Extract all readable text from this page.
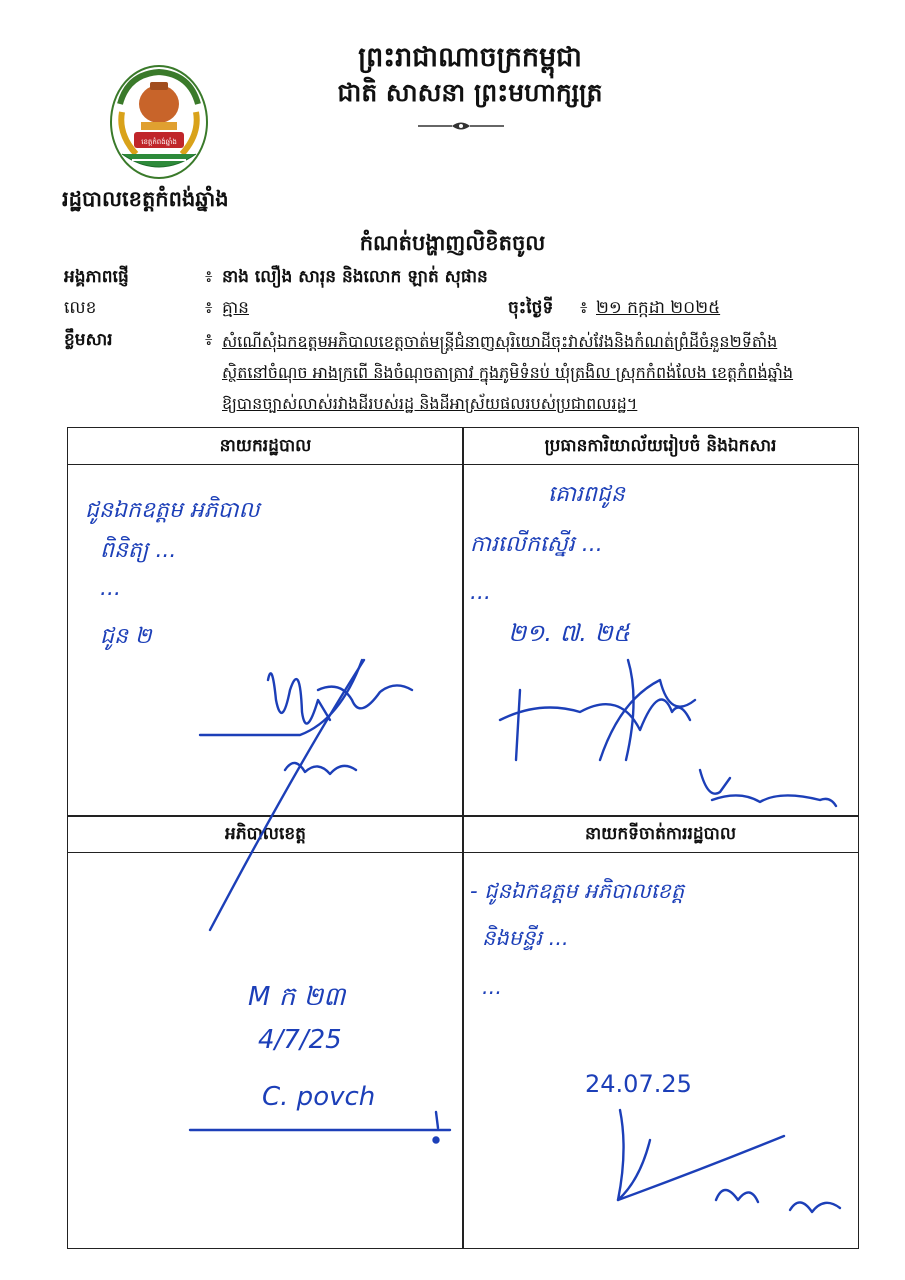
ខេត្តកំពង់ឆ្នាំង
ព្រះរាជាណាចក្រកម្ពុជា
ជាតិ សាសនា ព្រះមហាក្សត្រ
រដ្ឋបាលខេត្តកំពង់ឆ្នាំង
កំណត់បង្ហាញលិខិតចូល
អង្គភាពផ្ញើ	៖ នាង លឿង សារុន និងលោក ឡាត់ សុផាន
លេខ	៖ គ្មាន	ចុះថ្ងៃទី ៖ ២១ កក្កដា ២០២៥
ខ្លឹមសារ	៖ សំណើសុំឯកឧត្តមអភិបាលខេត្តចាត់មន្ត្រីជំនាញសុរិយោដីចុះវាស់វែងនិងកំណត់ព្រំដីចំនួន២ទីតាំង
ស្ថិតនៅចំណុច អាងក្រពើ និងចំណុចតាត្រាវ ក្នុងភូមិទំនប់ ឃុំត្រងិល ស្រុកកំពង់លែង ខេត្តកំពង់ឆ្នាំង
ឱ្យបានច្បាស់លាស់រវាងដីរបស់រដ្ឋ និងដីអាស្រ័យផលរបស់ប្រជាពលរដ្ឋ។
នាយករដ្ឋបាល	ប្រធានការិយាល័យរៀបចំ និងឯកសារ
អភិបាលខេត្ត	នាយកទីចាត់ការរដ្ឋបាល
ជូនឯកឧត្តម អភិបាល
ពិនិត្យ ...
...
ជូន ២
គោរពជូន
ការលើកស្នើរ ...
...
២១. ៧. ២៥
M ក ២៣
4/7/25
C. povch
- ជូនឯកឧត្តម អភិបាលខេត្ត
និងមន្ទីរ ...
...
24.07.25
